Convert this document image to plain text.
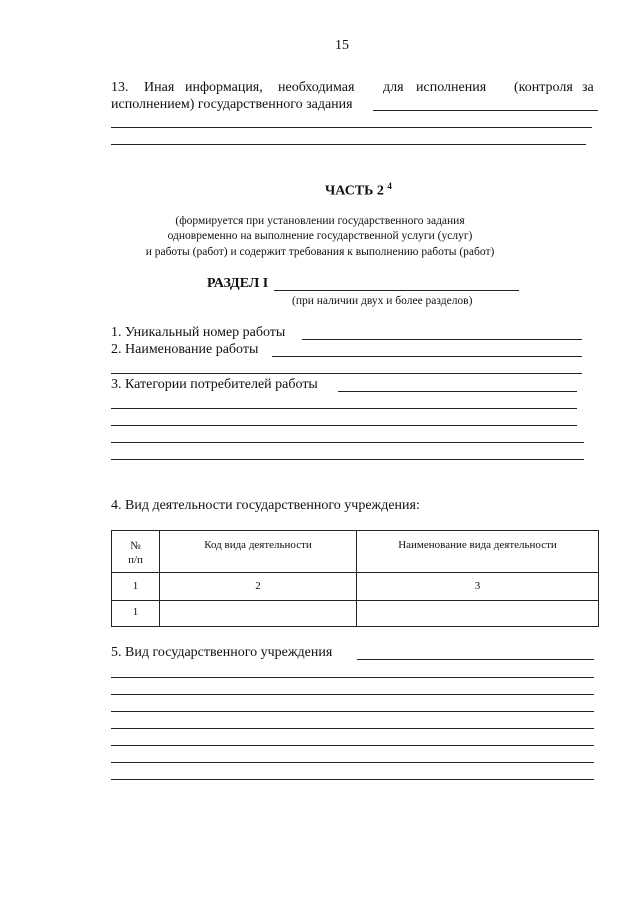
15
13. Иная информация, необходимая для исполнения (контроля за
исполнением) государственного задания
ЧАСТЬ 2 $^4$
(формируется при установлении государственного задания
одновременно на выполнение государственной услуги (услуг)
и работы (работ) и содержит требования к выполнению работы (работ)
РАЗДЕЛ I
(при наличии двух и более разделов)
1. Уникальный номер работы
2. Наименование работы
3. Категории потребителей работы
4. Вид деятельности государственного учреждения:
№
п/п	Код вида деятельности	Наименование вида деятельности
1	2	3
1		
5. Вид государственного учреждения
